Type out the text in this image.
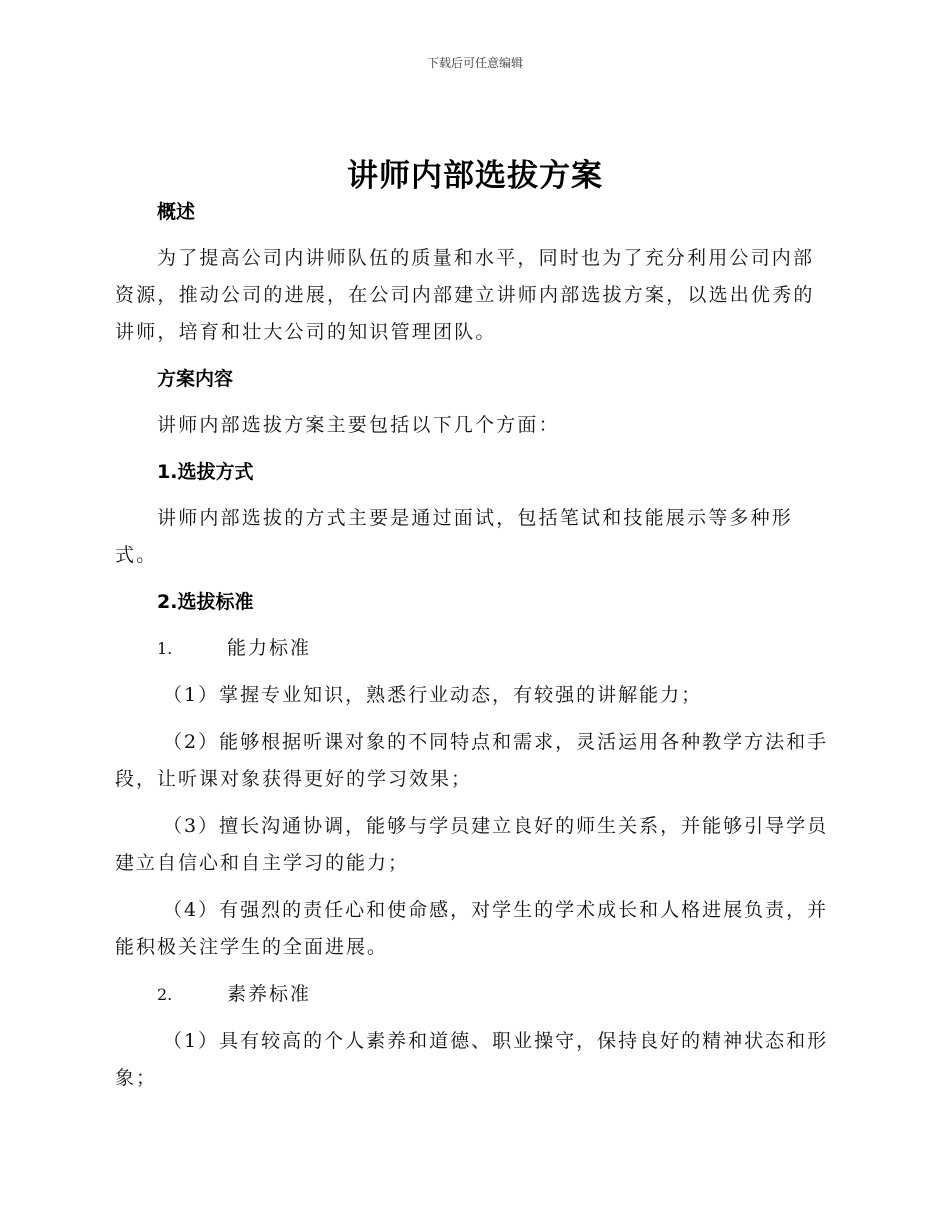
下载后可任意编辑
讲师内部选拔方案
概述

为了提高公司内讲师队伍的质量和水平，同时也为了充分利用公司内部资源，推动公司的进展，在公司内部建立讲师内部选拔方案，以选出优秀的讲师，培育和壮大公司的知识管理团队。

方案内容

讲师内部选拔方案主要包括以下几个方面：

1.选拔方式

讲师内部选拔的方式主要是通过面试，包括笔试和技能展示等多种形式。

2.选拔标准
1.	能力标准

（1）掌握专业知识，熟悉行业动态，有较强的讲解能力；

（2）能够根据听课对象的不同特点和需求，灵活运用各种教学方法和手段，让听课对象获得更好的学习效果；

（3）擅长沟通协调，能够与学员建立良好的师生关系，并能够引导学员建立自信心和自主学习的能力；

（4）有强烈的责任心和使命感，对学生的学术成长和人格进展负责，并能积极关注学生的全面进展。

2.	素养标准

（1）具有较高的个人素养和道德、职业操守，保持良好的精神状态和形象；
